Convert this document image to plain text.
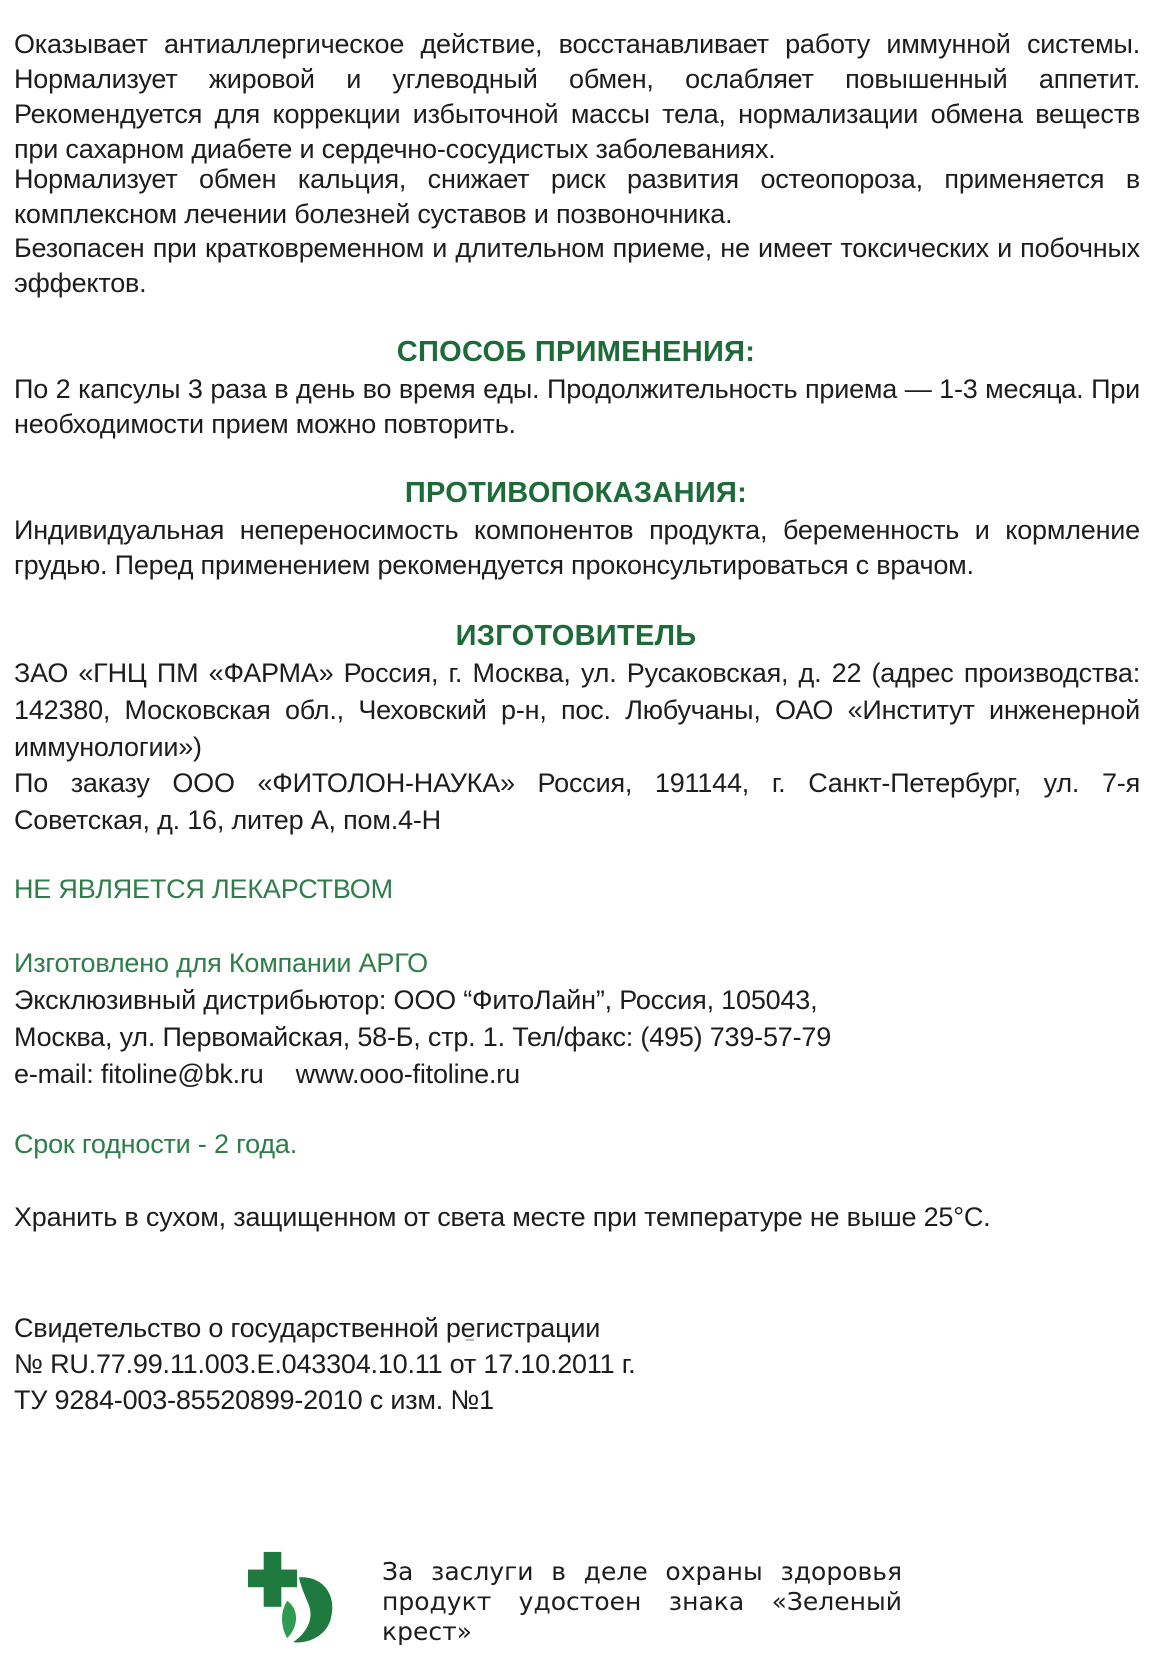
Оказывает антиаллергическое действие, восстанавливает работу иммунной системы. Нормализует жировой и углеводный обмен, ослабляет повышенный аппетит. Рекомендуется для коррекции избыточной массы тела, нормализации обмена веществ при сахарном диабете и сердечно-сосудистых заболеваниях.

Нормализует обмен кальция, снижает риск развития остеопороза, применяется в комплексном лечении болезней суставов и позвоночника.

Безопасен при кратковременном и длительном приеме, не имеет токсических и побочных эффектов.

СПОСОБ ПРИМЕНЕНИЯ:

По 2 капсулы 3 раза в день во время еды. Продолжительность приема — 1-3 месяца. При необходимости прием можно повторить.

ПРОТИВОПОКАЗАНИЯ:

Индивидуальная непереносимость компонентов продукта, беременность и кормление грудью. Перед применением рекомендуется проконсультироваться с врачом.

ИЗГОТОВИТЕЛЬ

ЗАО «ГНЦ ПМ «ФАРМА» Россия, г. Москва, ул. Русаковская, д. 22 (адрес производства: 142380, Московская обл., Чеховский р-н, пос. Любучаны, ОАО «Институт инженерной иммунологии»)

По заказу ООО «ФИТОЛОН-НАУКА» Россия, 191144, г. Санкт-Петербург, ул. 7-я Советская, д. 16, литер А, пом.4-Н

НЕ ЯВЛЯЕТСЯ ЛЕКАРСТВОМ

Изготовлено для Компании АРГО
Эксклюзивный дистрибьютор: ООО “ФитоЛайн”, Россия, 105043,
Москва, ул. Первомайская, 58-Б, стр. 1. Тел/факс: (495) 739-57-79
e-mail: fitoline@bk.ru www.ooo-fitoline.ru

Срок годности - 2 года.

Хранить в сухом, защищенном от света месте при температуре не выше 25°С.

Свидетельство о государственной регистрации
№ RU.77.99.11.003.Е.043304.10.11 от 17.10.2011 г.
ТУ 9284-003-85520899-2010 с изм. №1
За заслуги в деле охраны здоровья продукт удостоен знака «Зеленый крест»
